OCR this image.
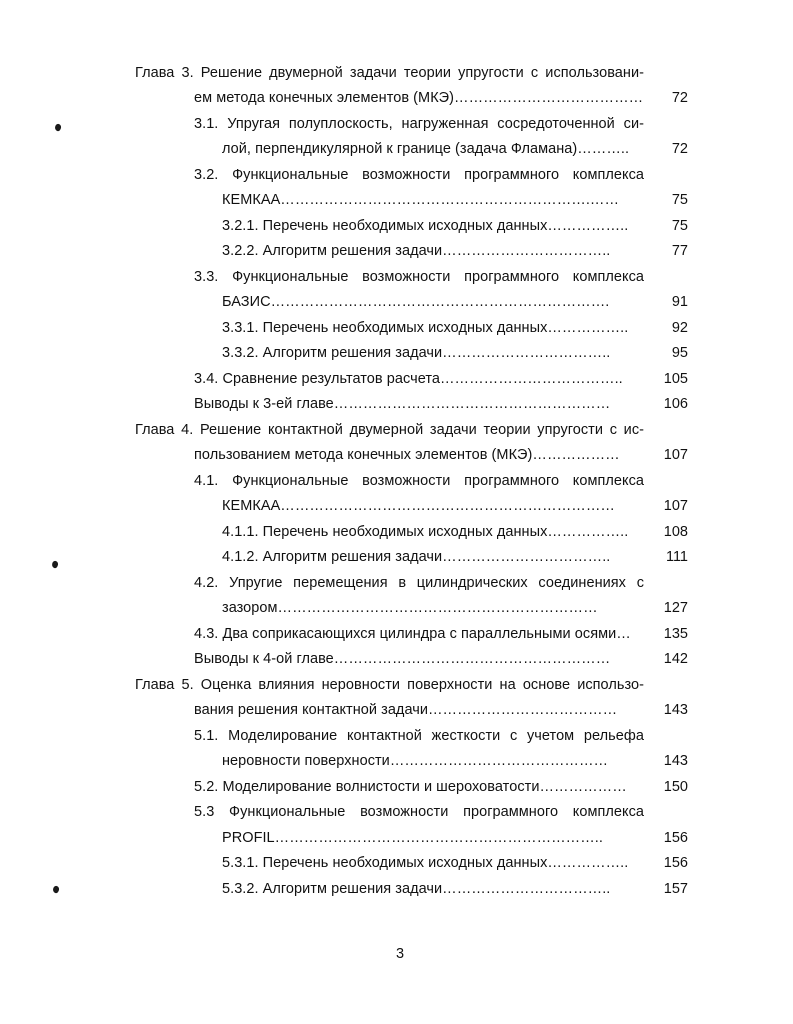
Глава 3. Решение двумерной задачи теории упругости с использовани-
ем метода конечных элементов (МКЭ)…………………………………	72
3.1. Упругая полуплоскость, нагруженная сосредоточенной си-
лой, перпендикулярной к границе (задача Фламана)………..	72
3.2. Функциональные возможности программного комплекса
КЕМКАА……………………………………………………….……	75
3.2.1. Перечень необходимых исходных данных……………..	75
3.2.2. Алгоритм решения задачи……………………………..	77
3.3. Функциональные возможности программного комплекса
БАЗИС…………………………………………………………….	91
3.3.1. Перечень необходимых исходных данных……………..	92
3.3.2. Алгоритм решения задачи……………………………..	95
3.4. Сравнение результатов расчета………………………………..	105
Выводы к 3-ей главе…………………………………………………	106
Глава 4. Решение контактной двумерной задачи теории упругости с ис-
пользованием метода конечных элементов (МКЭ)………………	107
4.1. Функциональные возможности программного комплекса
КЕМКАА……………………………………………………………	107
4.1.1. Перечень необходимых исходных данных……………..	108
4.1.2. Алгоритм решения задачи……………………………..	111
4.2. Упругие перемещения в цилиндрических соединениях с
зазором…………………………………………………………	127
4.3. Два соприкасающихся цилиндра с параллельными осями…	135
Выводы к 4-ой главе…………………………………………………	142
Глава 5. Оценка влияния неровности поверхности на основе использо-
вания решения контактной задачи…………………………………	143
5.1. Моделирование контактной жесткости с учетом рельефа
неровности поверхности………………………………………	143
5.2. Моделирование волнистости и шероховатости………………	150
5.3 Функциональные возможности программного комплекса
PROFIL…………………………………………………………..	156
5.3.1. Перечень необходимых исходных данных……………..	156
5.3.2. Алгоритм решения задачи……………………………..	157
3
